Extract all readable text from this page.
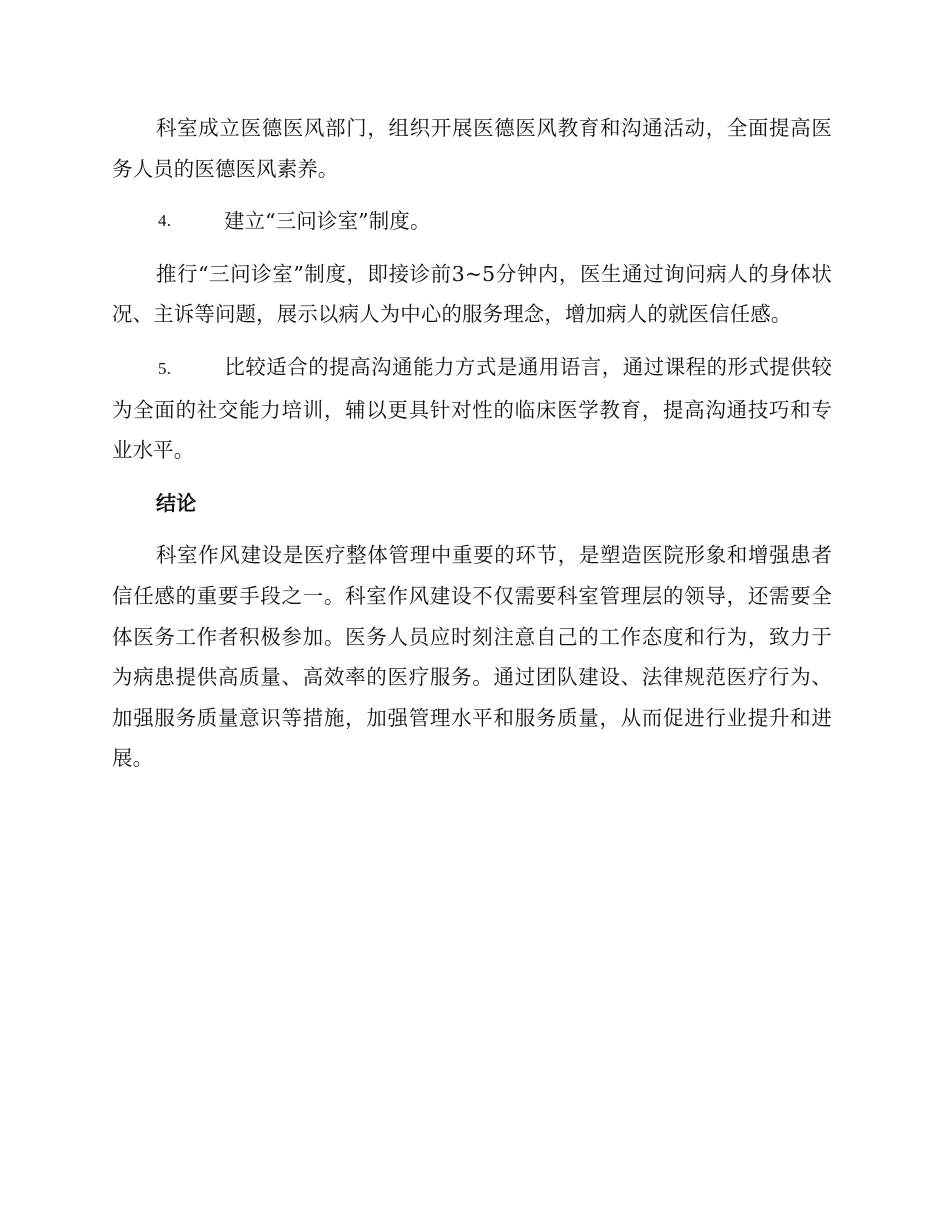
科室成立医德医风部门，组织开展医德医风教育和沟通活动，全面提高医务人员的医德医风素养。

4.	建立“三问诊室”制度。

推行“三问诊室”制度，即接诊前3~5分钟内，医生通过询问病人的身体状况、主诉等问题，展示以病人为中心的服务理念，增加病人的就医信任感。

5.	比较适合的提高沟通能力方式是通用语言，通过课程的形式提供较为全面的社交能力培训，辅以更具针对性的临床医学教育，提高沟通技巧和专业水平。

结论

科室作风建设是医疗整体管理中重要的环节，是塑造医院形象和增强患者信任感的重要手段之一。科室作风建设不仅需要科室管理层的领导，还需要全体医务工作者积极参加。医务人员应时刻注意自己的工作态度和行为，致力于为病患提供高质量、高效率的医疗服务。通过团队建设、法律规范医疗行为、加强服务质量意识等措施，加强管理水平和服务质量，从而促进行业提升和进展。
